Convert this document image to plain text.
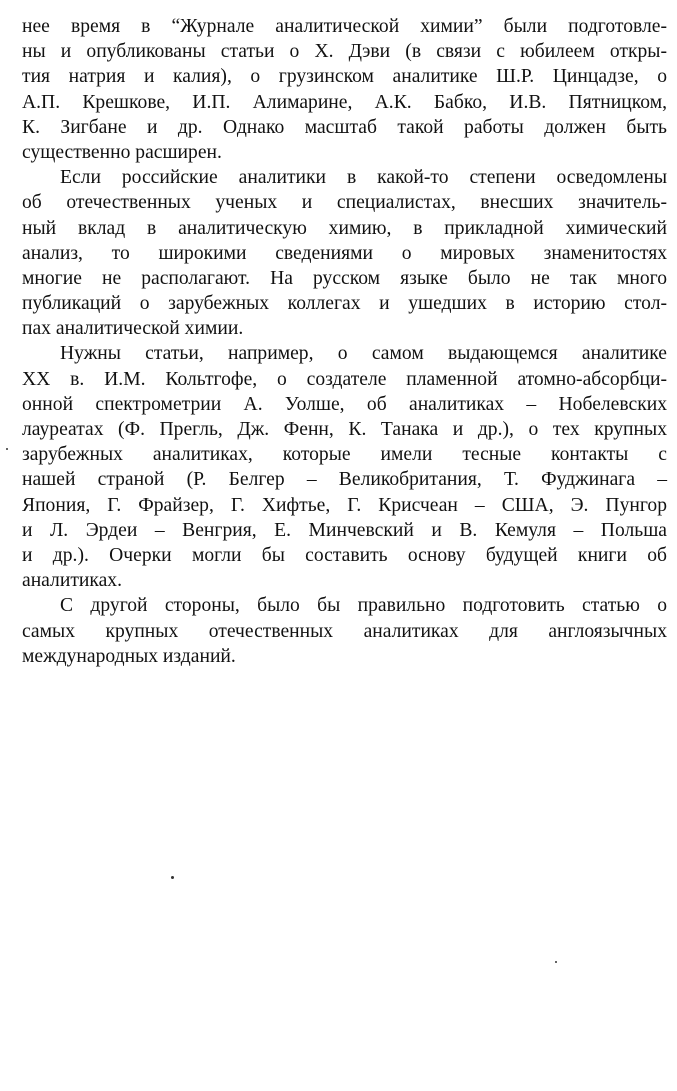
нее время в “Журнале аналитической химии” были подготовле-
ны и опубликованы статьи о Х. Дэви (в связи с юбилеем откры-
тия натрия и калия), о грузинском аналитике Ш.Р. Цинцадзе, о
А.П. Крешкове, И.П. Алимарине, А.К. Бабко, И.В. Пятницком,
К. Зигбане и др. Однако масштаб такой работы должен быть
существенно расширен.

Если российские аналитики в какой-то степени осведомлены
об отечественных ученых и специалистах, внесших значитель-
ный вклад в аналитическую химию, в прикладной химический
анализ, то широкими сведениями о мировых знаменитостях
многие не располагают. На русском языке было не так много
публикаций о зарубежных коллегах и ушедших в историю стол-
пах аналитической химии.

Нужны статьи, например, о самом выдающемся аналитике
XX в. И.М. Кольтгофе, о создателе пламенной атомно-абсорбци-
онной спектрометрии А. Уолше, об аналитиках – Нобелевских
лауреатах (Ф. Прегль, Дж. Фенн, К. Танака и др.), о тех крупных
зарубежных аналитиках, которые имели тесные контакты с
нашей страной (Р. Белгер – Великобритания, Т. Фуджинага –
Япония, Г. Фрайзер, Г. Хифтье, Г. Крисчеан – США, Э. Пунгор
и Л. Эрдеи – Венгрия, Е. Минчевский и В. Кемуля – Польша
и др.). Очерки могли бы составить основу будущей книги об
аналитиках.

С другой стороны, было бы правильно подготовить статью о
самых крупных отечественных аналитиках для англоязычных
международных изданий.
